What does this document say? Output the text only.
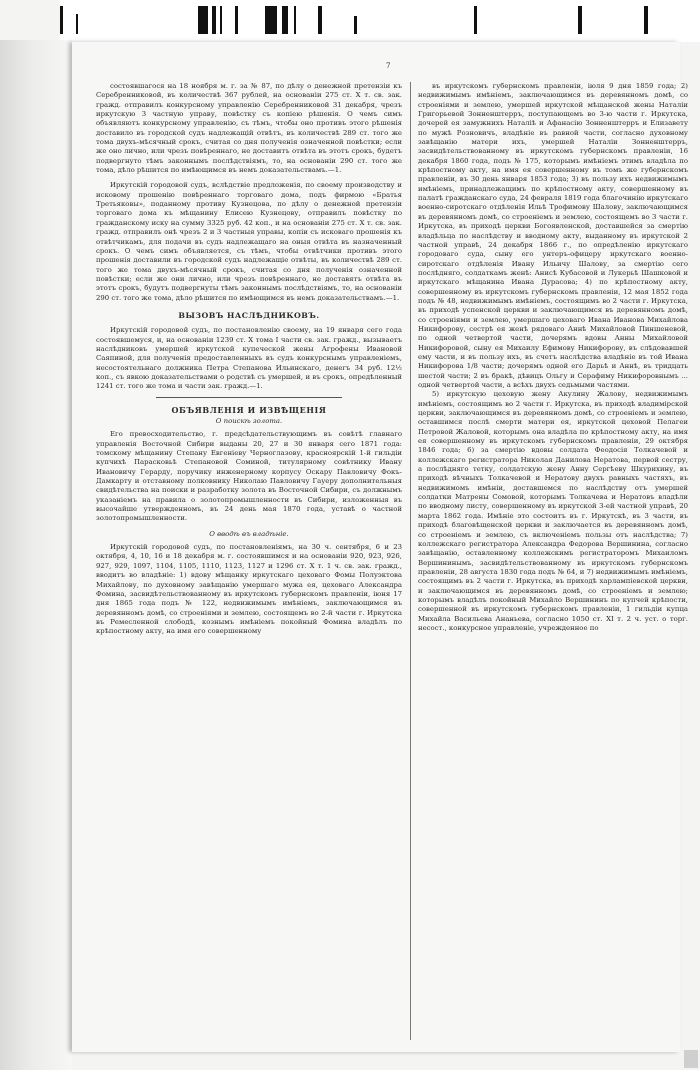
7

состоявшагося на 18 ноября м. г. за № 87, по дѣлу о денежной претензіи къ Серебренниковой, въ количествѣ 367 рублей, на основаніи 275 ст. X т. св. зак. гражд. отправилъ конкурсному управленію Серебренниковой 31 декабря, чрезъ иркутскую 3 частную управу, повѣстку съ копіею рѣшенія. О чемъ симъ объявляютъ конкурсному управленію, съ тѣмъ, чтобы оно противъ этого рѣшенія доставило въ городской судъ надлежащій отвѣтъ, въ количествѣ 289 ст. того же тома двухъ-мѣсячный срокъ, считая со дня полученія означенной повѣстки; если же оно лично, или чрезъ повѣреннаго, не доставитъ отвѣта въ этотъ срокъ, будетъ подвергнуто тѣмъ законнымъ послѣдствіямъ, то, на основаніи 290 ст. того же тома, дѣло рѣшится по имѣющимся въ немъ доказательствамъ.—1.

Иркутскій городовой судъ, вслѣдствіе предложенія, по своему производству и исковому прошенію повѣреннаго торговаго дома, подъ фирмою «Братья Третьяковы», поданному противу Кузнецова, по дѣлу о денежной претензіи торговаго дома къ мѣщанину Елисею Кузнецову, отправилъ повѣстку по гражданскому иску на сумму 3325 руб. 42 коп., и на основаніи 275 ст. X т. св. зак. гражд. отправилъ онѣ чрезъ 2 и 3 частныя управы, копіи съ исковаго прошенія къ отвѣтчикамъ, для подачи въ судъ надлежащаго на оныя отвѣта въ назначенный срокъ. О чемъ симъ объявляется, съ тѣмъ, чтобы отвѣтчики противъ этого прошенія доставили въ городской судъ надлежащіе отвѣты, въ количествѣ 289 ст. того же тома двухъ-мѣсячный срокъ, считая со дня полученія означенной повѣстки; если же они лично, или чрезъ повѣреннаго, не доставятъ отвѣта въ этотъ срокъ, будутъ подвергнуты тѣмъ законнымъ послѣдствіямъ, то, на основаніи 290 ст. того же тома, дѣло рѣшится по имѣющимся въ немъ доказательствамъ.—1.

ВЫЗОВЪ НАСЛѢДНИКОВЪ.

Иркутскій городовой судъ, по постановленію своему, на 19 января сего года состоявшемуся, и, на основаніи 1239 ст. X тома I части св. зак. гражд., вызываетъ наслѣдниковъ умершей иркутской купеческой жены Агрофены Ивановой Саяпиной, для полученія предоставленныхъ въ судъ конкурснымъ управленіемъ, несостоятельнаго должника Петра Степанова Ильинскаго, денегъ 34 руб. 12½ коп., съ явкою доказательствами о родствѣ съ умершей, и въ срокъ, опредѣленный 1241 ст. того же тома и части зак. гражд.—1.

ОБЪЯВЛЕНІЯ И ИЗВѢЩЕНІЯ

О поискѣ золота.

Его превосходительство, г. предсѣдательствующимъ въ совѣтѣ главнаго управленія Восточной Сибири выданы 20, 27 и 30 января сего 1871 года: томскому мѣщанину Степану Евгеніеву Черноглазову, красноярскій 1-й гильдіи купчихѣ Парасковьѣ Степановой Соминой, титулярному совѣтнику Ивану Ивановичу Герарду, поручику инженерному корпусу Оскару Павловичу Фокъ-Дамкарту и отставному полковнику Николаю Павловичу Гауеру дополнительныя свидѣтельства на поиски и разработку золота въ Восточной Сибири, съ должнымъ указаніемъ на правила о золотопромышленности въ Сибири, изложенныя въ высочайше утвержденномъ, въ 24 день мая 1870 года, уставѣ о частной золотопромышленности.

О вводѣ въ владѣніе.

Иркутскій городовой судъ, по постановленіямъ, на 30 ч. сентября, 6 и 23 октября, 4, 10, 16 и 18 декабря м. г. состоявшимся и на основаніи 920, 923, 926, 927, 929, 1097, 1104, 1105, 1110, 1123, 1127 и 1296 ст. X т. 1 ч. св. зак. гражд., вводитъ во владѣніе: 1) вдову мѣщанку иркутскаго цеховаго Фомы Полуэктова Михайлову, по духовному завѣщанію умершаго мужа ея, цеховаго Александра Фомина, засвидѣтельствованному въ иркутскомъ губернскомъ правленіи, іюня 17 дня 1865 года подъ № 122, недвижимымъ имѣніемъ, заключающимся въ деревянномъ домѣ, со строеніями и землею, состоящемъ во 2-й части г. Иркутска въ Ремесленной слободѣ, кознымъ имѣніемъ покойный Фомина владѣлъ по крѣпостному акту, на имя его совершенному

въ иркутскомъ губернскомъ правленіи, іюля 9 дня 1859 года; 2) недвижимымъ имѣніемъ, заключающимся въ деревянномъ домѣ, со строеніями и землею, умершей иркутской мѣщанской жены Наталіи Григорьевой Зонненштерръ, поступающемъ во 3-ю части г. Иркутска, дочерей ея замужнихъ Наталіѣ и Афанасію Зонненштерръ и Елизавету по мужѣ Розновичъ, владѣніе въ равной части, согласно духовному завѣщанію матери ихъ, умершей Наталіи Зонненштерръ, засвидѣтельствованному въ иркутскомъ губернскомъ правленіи, 16 декабря 1860 года, подъ № 175, которымъ имѣніемъ этимъ владѣла по крѣпостному акту, на имя ея совершенному въ томъ же губернскомъ правленіи, въ 30 день января 1853 года; 3) въ пользу ихъ недвижимымъ имѣніемъ, принадлежащимъ по крѣпостному акту, совершенному въ палатѣ гражданскаго суда, 24 февраля 1819 года благочинію иркутскаго военно-сиротскаго отдѣленія Ильѣ Трофимову Шалову, заключающимся въ деревянномъ домѣ, со строеніемъ и землею, состоящемъ во 3 части г. Иркутска, въ приходѣ церкви Богоявленской, доставшейся за смертію владѣльца по наслѣдству и вводному акту, выданному въ иркутской 2 частной управѣ, 24 декабря 1866 г., по опредѣленію иркутскаго городоваго суда, сыну его унтеръ-офицеру иркутскаго военно-сиротскаго отдѣленія Ивану Ильичу Шалову, за смертію сего послѣдняго, солдаткамъ женѣ: Анисѣ Кубасовой и Лукерьѣ Шашковой и иркутскаго мѣщанина Ивана Дурасова; 4) по крѣпостному акту, совершенному въ иркутскомъ губернскомъ правленіи, 12 мая 1852 года подъ № 48, недвижимымъ имѣніемъ, состоящимъ во 2 части г. Иркутска, въ приходѣ успенской церкви и заключающимся въ деревянномъ домѣ, со строеніями и землею, умершаго цеховаго Ивана Иванова Михайлова Никифорову, сестрѣ ея женѣ рядоваго Аннѣ Михайловой Пиншеневой, по одной четвертой части, дочерямъ вдовы Анны Михайловой Никифоровой, сыну ея Михаилу Ефимову Никифорову, въ слѣдовавшей ему части, и въ пользу ихъ, въ счетъ наслѣдства владѣніе въ той Ивана Никифорова 1/8 части; дочерямъ одной его Дарьѣ и Аннѣ, въ тридцать шестой части; 2 въ бракѣ, дѣвицъ Ольгу и Серафиму Никифоровнымъ ... одной четвертой части, а всѣхъ двухъ седьмыми частями.

5) иркутскую цеховую жену Акулину Жалову, недвижимымъ имѣніемъ, состоящимъ во 2 части г. Иркутска, въ приходѣ владимірской церкви, заключающимся въ деревянномъ домѣ, со строеніемъ и землею, оставшимся послѣ смерти матери ея, иркутской цеховой Пелагеи Петровой Жаловой, которымъ она владѣла по крѣпостному акту, на имя ея совершенному въ иркутскомъ губернскомъ правленіи, 29 октября 1846 года; 6) за смертію вдовы солдата Феодосія Толкачевой и коллежскаго регистратора Николая Данилова Нератова, первой сестру, а послѣдняго тетку, солдатскую жену Анну Сергѣеву Шкурихину, въ приходѣ вѣчныхъ Толкачевой и Нератову двухъ равныхъ частяхъ, въ недвижимомъ имѣніи, доставшемся по наслѣдству отъ умершей солдатки Матрены Сомовой, которымъ Толкачева и Нератовъ владѣли по вводному листу, совершенному въ иркутской 3-ей частной управѣ, 20 марта 1862 года. Имѣніе это состоитъ въ г. Иркутскѣ, въ 3 части, въ приходѣ благовѣщенской церкви и заключается въ деревянномъ домѣ, со строеніемъ и землею, съ включеніемъ пользы отъ наслѣдства; 7) коллежскаго регистратора Александра Федорова Вершинина, согласно завѣщанію, оставленному коллежскимъ регистраторомъ Михаиломъ Вершининымъ, засвидѣтельствованному въ иркутскомъ губернскомъ правленіи, 28 августа 1830 года подъ № 64, и 7) недвижимымъ имѣніемъ, состоящимъ въ 2 части г. Иркутска, въ приходѣ харлампіевской церкви, и заключающимся въ деревянномъ домѣ, со строеніемъ и землею; которымъ владѣлъ покойный Михайло Вершининъ по купчей крѣпости, совершенной въ иркутскомъ губернскомъ правленіи, 1 гильдіи купца Михайла Васильева Ананьева, согласно 1050 ст. XI т. 2 ч. уст. о торг. несост., конкурсное управленіе, учрежденное по
